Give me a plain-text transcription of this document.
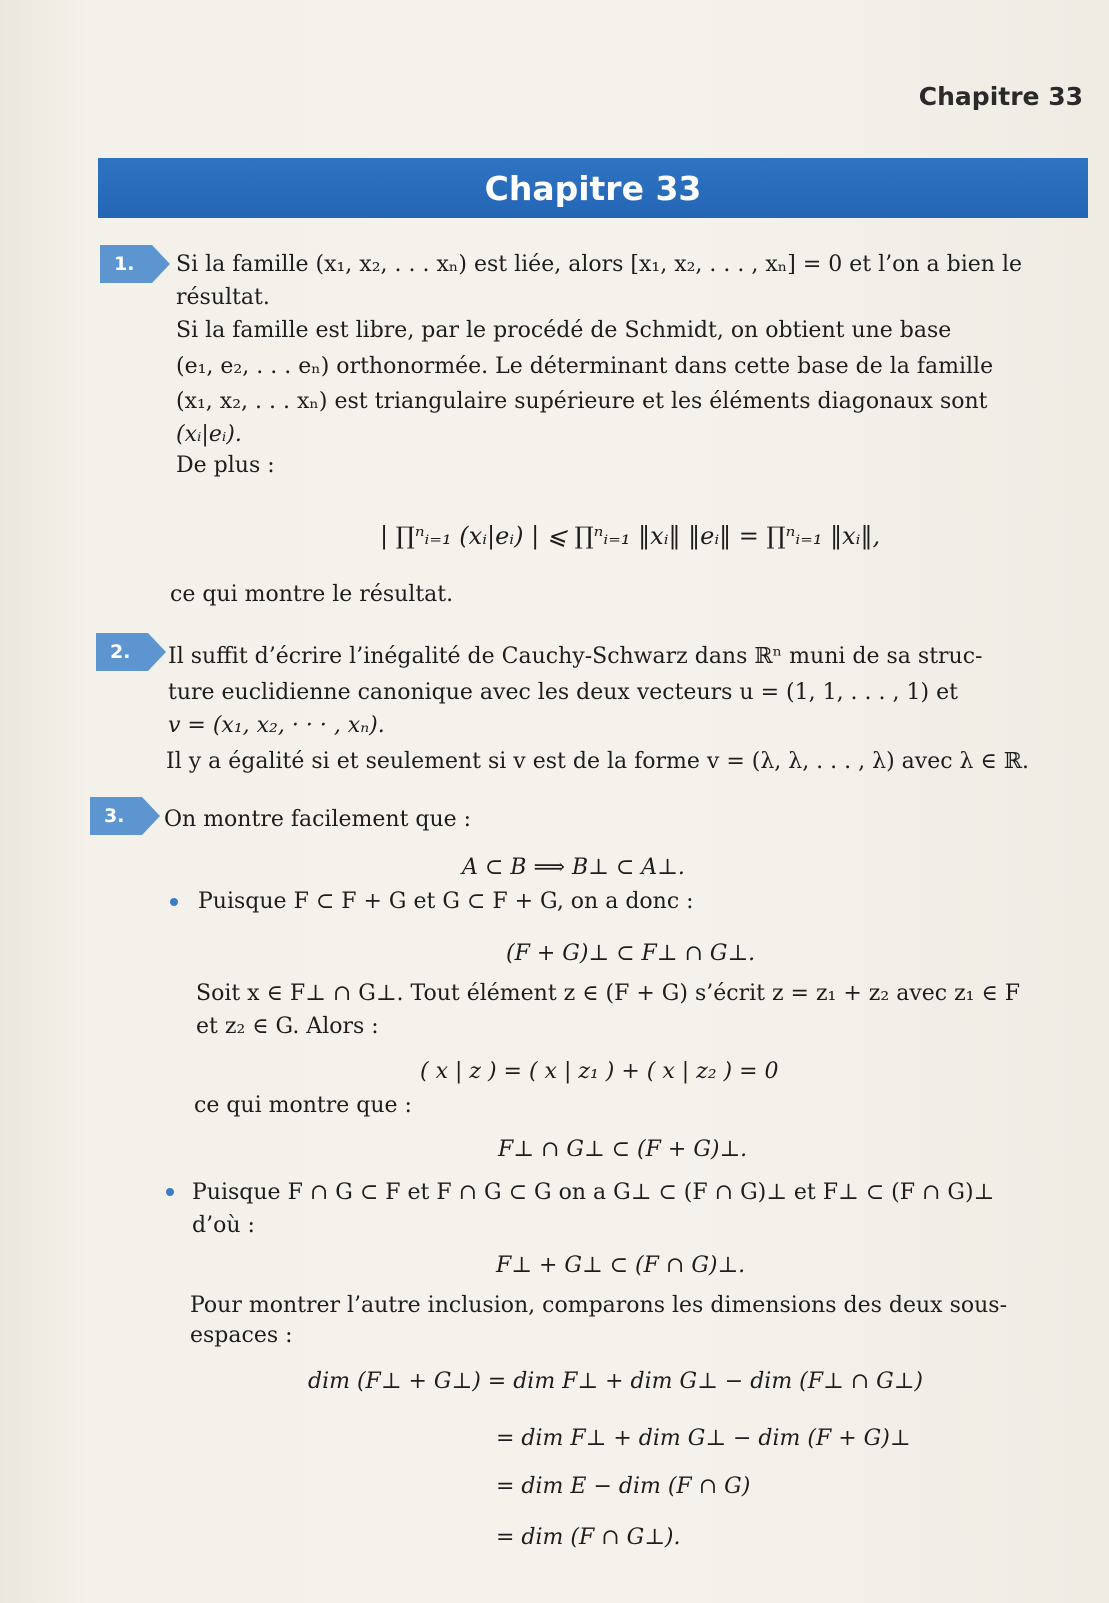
Chapitre 33
Chapitre 33
1. Si la famille (x₁, x₂, . . . xₙ) est liée, alors [x₁, x₂, . . . , xₙ] = 0 et l’on a bien le
résultat.
Si la famille est libre, par le procédé de Schmidt, on obtient une base
(e₁, e₂, . . . eₙ) orthonormée. Le déterminant dans cette base de la famille
(x₁, x₂, . . . xₙ) est triangulaire supérieure et les éléments diagonaux sont
(xᵢ|eᵢ).
De plus :
| ∏ⁿᵢ₌₁ (xᵢ|eᵢ) | ⩽ ∏ⁿᵢ₌₁ ‖xᵢ‖ ‖eᵢ‖ = ∏ⁿᵢ₌₁ ‖xᵢ‖,
ce qui montre le résultat.
2. Il suffit d’écrire l’inégalité de Cauchy-Schwarz dans ℝⁿ muni de sa struc-
ture euclidienne canonique avec les deux vecteurs u = (1, 1, . . . , 1) et
v = (x₁, x₂, · · · , xₙ).
Il y a égalité si et seulement si v est de la forme v = (λ, λ, . . . , λ) avec λ ∈ ℝ.
3. On montre facilement que :
A ⊂ B ⟹ B⊥ ⊂ A⊥.
Puisque F ⊂ F + G et G ⊂ F + G, on a donc :
(F + G)⊥ ⊂ F⊥ ∩ G⊥.
Soit x ∈ F⊥ ∩ G⊥. Tout élément z ∈ (F + G) s’écrit z = z₁ + z₂ avec z₁ ∈ F
et z₂ ∈ G. Alors :
( x | z ) = ( x | z₁ ) + ( x | z₂ ) = 0
ce qui montre que :
F⊥ ∩ G⊥ ⊂ (F + G)⊥.
Puisque F ∩ G ⊂ F et F ∩ G ⊂ G on a G⊥ ⊂ (F ∩ G)⊥ et F⊥ ⊂ (F ∩ G)⊥
d’où :
F⊥ + G⊥ ⊂ (F ∩ G)⊥.
Pour montrer l’autre inclusion, comparons les dimensions des deux sous-
espaces :
dim (F⊥ + G⊥) = dim F⊥ + dim G⊥ − dim (F⊥ ∩ G⊥)
= dim F⊥ + dim G⊥ − dim (F + G)⊥
= dim E − dim (F ∩ G)
= dim (F ∩ G⊥).
